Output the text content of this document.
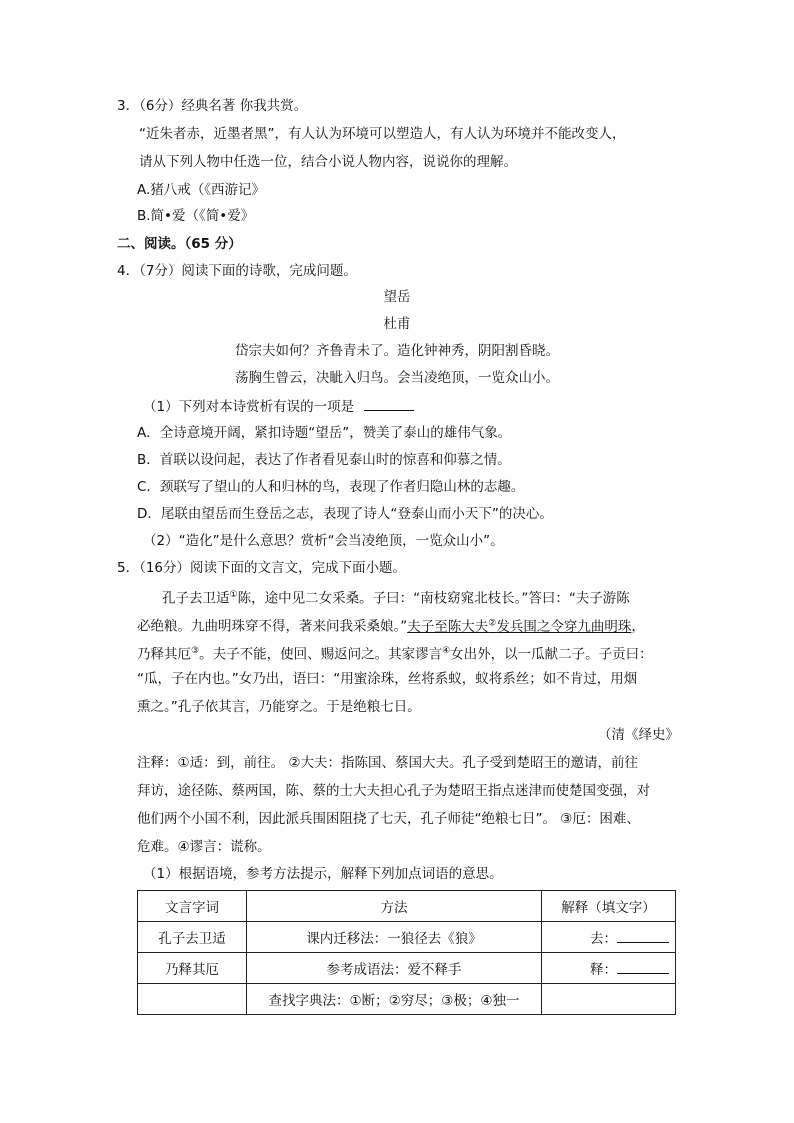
3．（6分）经典名著 你我共赏。
“近朱者赤，近墨者黑”，有人认为环境可以塑造人，有人认为环境并不能改变人，
请从下列人物中任选一位，结合小说人物内容，说说你的理解。
A.猪八戒（《西游记》
B.简•爱（《简•爱》
二、阅读。（65 分）
4．（7分）阅读下面的诗歌，完成问题。
望岳
杜甫
岱宗夫如何？齐鲁青未了。造化钟神秀，阴阳割昏晓。
荡胸生曾云，决眦入归鸟。会当凌绝顶，一览众山小。
（1）下列对本诗赏析有误的一项是
A．全诗意境开阔，紧扣诗题“望岳”，赞美了泰山的雄伟气象。
B．首联以设问起，表达了作者看见泰山时的惊喜和仰慕之情。
C．颈联写了望山的人和归林的鸟，表现了作者归隐山林的志趣。
D．尾联由望岳而生登岳之志，表现了诗人“登泰山而小天下”的决心。
（2）“造化”是什么意思？赏析“会当凌绝顶，一览众山小”。
5．（16分）阅读下面的文言文，完成下面小题。
孔子去卫适①陈，途中见二女采桑。子曰：“南枝窈窕北枝长。”答曰：“夫子游陈
必绝粮。九曲明珠穿不得，著来问我采桑娘。”夫子至陈大夫②发兵围之令穿九曲明珠，
乃释其厄③。夫子不能，使回、赐返问之。其家谬言④女出外，以一瓜献二子。子贡曰：
“瓜，子在内也。”女乃出，语曰：“用蜜涂珠，丝将系蚁，蚁将系丝；如不肯过，用烟
熏之。”孔子依其言，乃能穿之。于是绝粮七日。
（清《绎史》
注释：①适：到，前往。 ②大夫：指陈国、蔡国大夫。孔子受到楚昭王的邀请，前往
拜访，途径陈、蔡两国，陈、蔡的士大夫担心孔子为楚昭王指点迷津而使楚国变强，对
他们两个小国不利，因此派兵围困阻挠了七天，孔子师徒“绝粮七日”。 ③厄：困难、
危难。④谬言：谎称。
（1）根据语境，参考方法提示，解释下列加点词语的意思。
文言字词	方法	解释（填文字）
孔子去卫适	课内迁移法：一狼径去《狼》	去：
乃释其厄	参考成语法：爱不释手	释：
	查找字典法：①断；②穷尽；③极；④独一	
